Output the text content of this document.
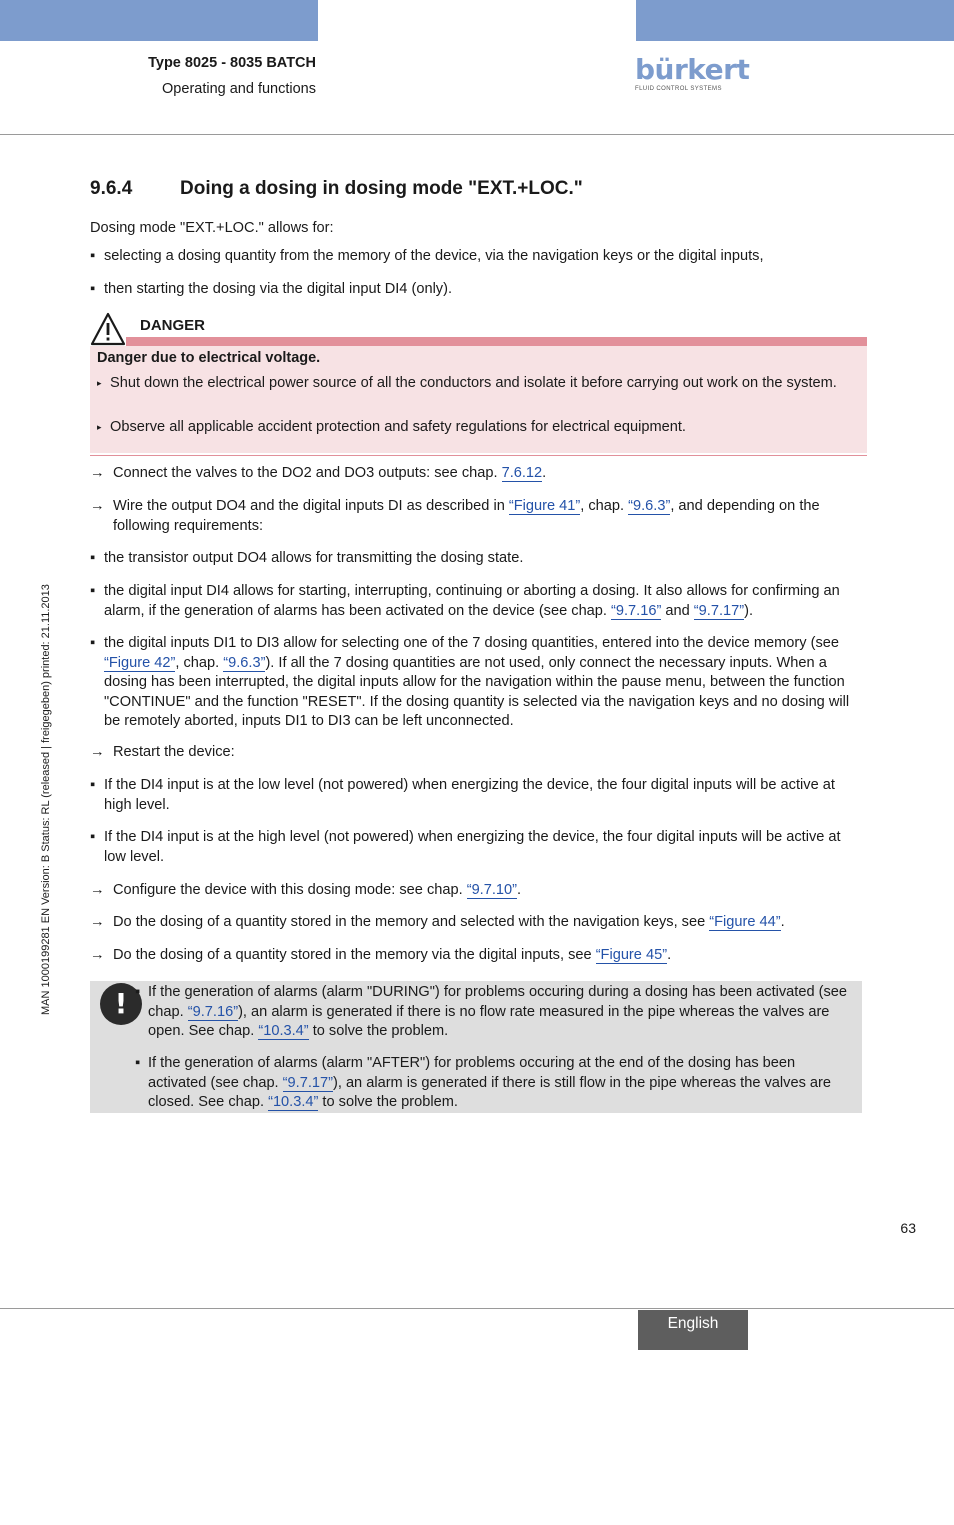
Type 8025 - 8035 BATCH
Operating and functions
bürkert
FLUID CONTROL SYSTEMS
MAN 1000199281 EN Version: B Status: RL (released | freigegeben) printed: 21.11.2013
9.6.4	Doing a dosing in dosing mode "EXT.+LOC."
Dosing mode "EXT.+LOC." allows for:
▪ selecting a dosing quantity from the memory of the device, via the navigation keys or the digital inputs,
▪ then starting the dosing via the digital input DI4 (only).
DANGER
Danger due to electrical voltage.
▸ Shut down the electrical power source of all the conductors and isolate it before carrying out work on the system.
▸ Observe all applicable accident protection and safety regulations for electrical equipment.
→ Connect the valves to the DO2 and DO3 outputs: see chap. 7.6.12.
→ Wire the output DO4 and the digital inputs DI as described in “Figure 41”, chap. “9.6.3”, and depending on the following requirements:
▪ the transistor output DO4 allows for transmitting the dosing state.
▪ the digital input DI4 allows for starting, interrupting, continuing or aborting a dosing. It also allows for confirming an alarm, if the generation of alarms has been activated on the device (see chap. “9.7.16” and “9.7.17”).
▪ the digital inputs DI1 to DI3 allow for selecting one of the 7 dosing quantities, entered into the device memory (see “Figure 42”, chap. “9.6.3”). If all the 7 dosing quantities are not used, only connect the necessary inputs. When a dosing has been interrupted, the digital inputs allow for the navigation within the pause menu, between the function "CONTINUE" and the function "RESET". If the dosing quantity is selected via the navigation keys and no dosing will be remotely aborted, inputs DI1 to DI3 can be left unconnected.
→ Restart the device:
▪ If the DI4 input is at the low level (not powered) when energizing the device, the four digital inputs will be active at high level.
▪ If the DI4 input is at the high level (not powered) when energizing the device, the four digital inputs will be active at low level.
→ Configure the device with this dosing mode: see chap. “9.7.10”.
→ Do the dosing of a quantity stored in the memory and selected with the navigation keys, see “Figure 44”.
→ Do the dosing of a quantity stored in the memory via the digital inputs, see “Figure 45”.
! ▪ If the generation of alarms (alarm "DURING") for problems occuring during a dosing has been activated (see chap. “9.7.16”), an alarm is generated if there is no flow rate measured in the pipe whereas the valves are open. See chap. “10.3.4” to solve the problem.
▪ If the generation of alarms (alarm "AFTER") for problems occuring at the end of the dosing has been activated (see chap. “9.7.17”), an alarm is generated if there is still flow in the pipe whereas the valves are closed. See chap. “10.3.4” to solve the problem.
63
English
